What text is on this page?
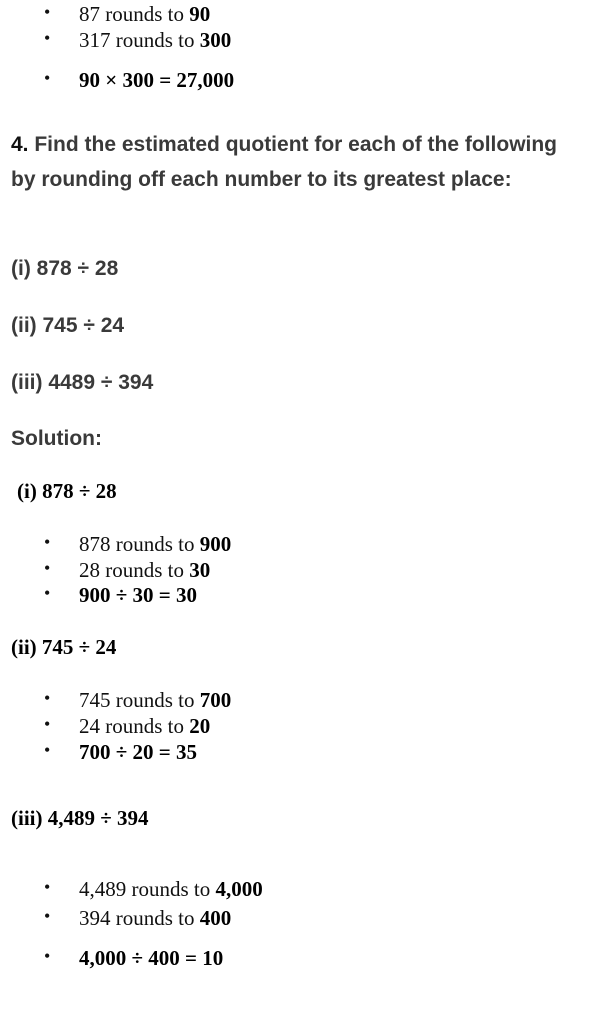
• 87 rounds to 90
• 317 rounds to 300
• 90 × 300 = 27,000
4. Find the estimated quotient for each of the following by rounding off each number to its greatest place:
(i) 878 ÷ 28
(ii) 745 ÷ 24
(iii) 4489 ÷ 394
Solution:
(i) 878 ÷ 28
• 878 rounds to 900
• 28 rounds to 30
• 900 ÷ 30 = 30
(ii) 745 ÷ 24
• 745 rounds to 700
• 24 rounds to 20
• 700 ÷ 20 = 35
(iii) 4,489 ÷ 394
• 4,489 rounds to 4,000
• 394 rounds to 400
• 4,000 ÷ 400 = 10
